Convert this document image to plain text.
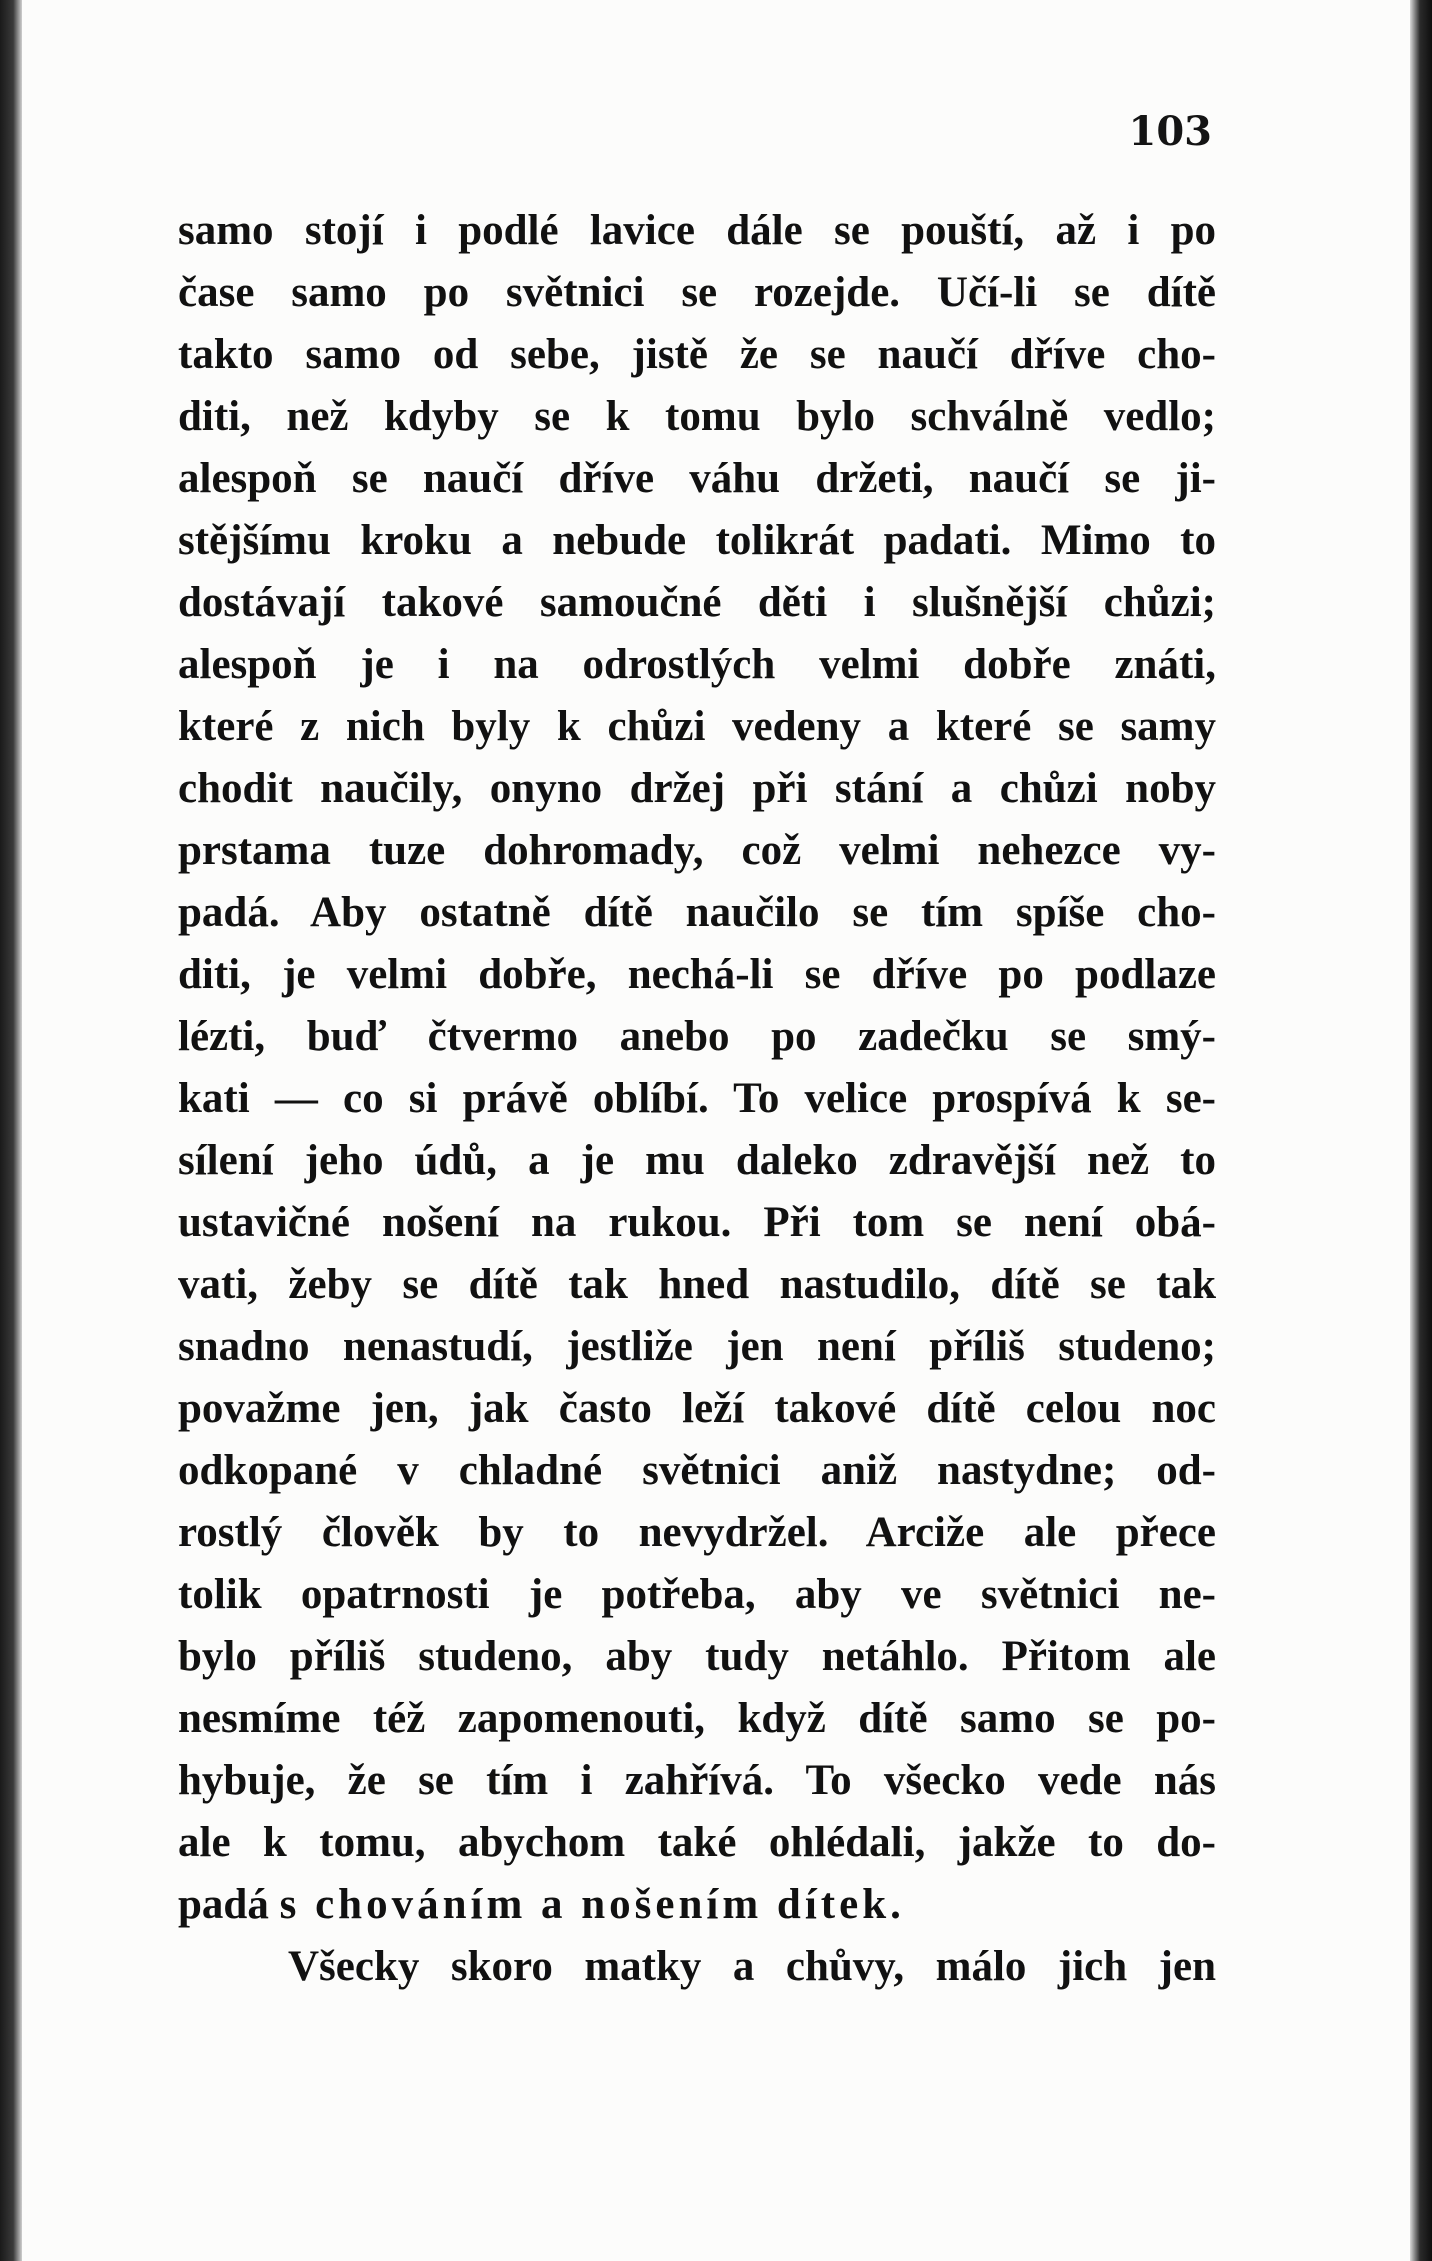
103
samo stojí i podlé lavice dále se pouští, až i po
čase samo po světnici se rozejde. Učí-li se dítě
takto samo od sebe, jistě že se naučí dříve cho-
diti, než kdyby se k tomu bylo schválně vedlo;
alespoň se naučí dříve váhu držeti, naučí se ji-
stějšímu kroku a nebude tolikrát padati. Mimo to
dostávají takové samoučné děti i slušnější chůzi;
alespoň je i na odrostlých velmi dobře znáti,
které z nich byly k chůzi vedeny a které se samy
chodit naučily, onyno držej při stání a chůzi noby
prstama tuze dohromady, což velmi nehezce vy-
padá. Aby ostatně dítě naučilo se tím spíše cho-
diti, je velmi dobře, nechá-li se dříve po podlaze
lézti, buď čtvermo anebo po zadečku se smý-
kati — co si právě oblíbí. To velice prospívá k se-
sílení jeho údů, a je mu daleko zdravější než to
ustavičné nošení na rukou. Při tom se není obá-
vati, žeby se dítě tak hned nastudilo, dítě se tak
snadno nenastudí, jestliže jen není příliš studeno;
považme jen, jak často leží takové dítě celou noc
odkopané v chladné světnici aniž nastydne; od-
rostlý člověk by to nevydržel. Arciže ale přece
tolik opatrnosti je potřeba, aby ve světnici ne-
bylo příliš studeno, aby tudy netáhlo. Přitom ale
nesmíme též zapomenouti, když dítě samo se po-
hybuje, že se tím i zahřívá. To všecko vede nás
ale k tomu, abychom také ohlédali, jakže to do-
padá s chováním a nošením dítek.
Všecky skoro matky a chůvy, málo jich jen
